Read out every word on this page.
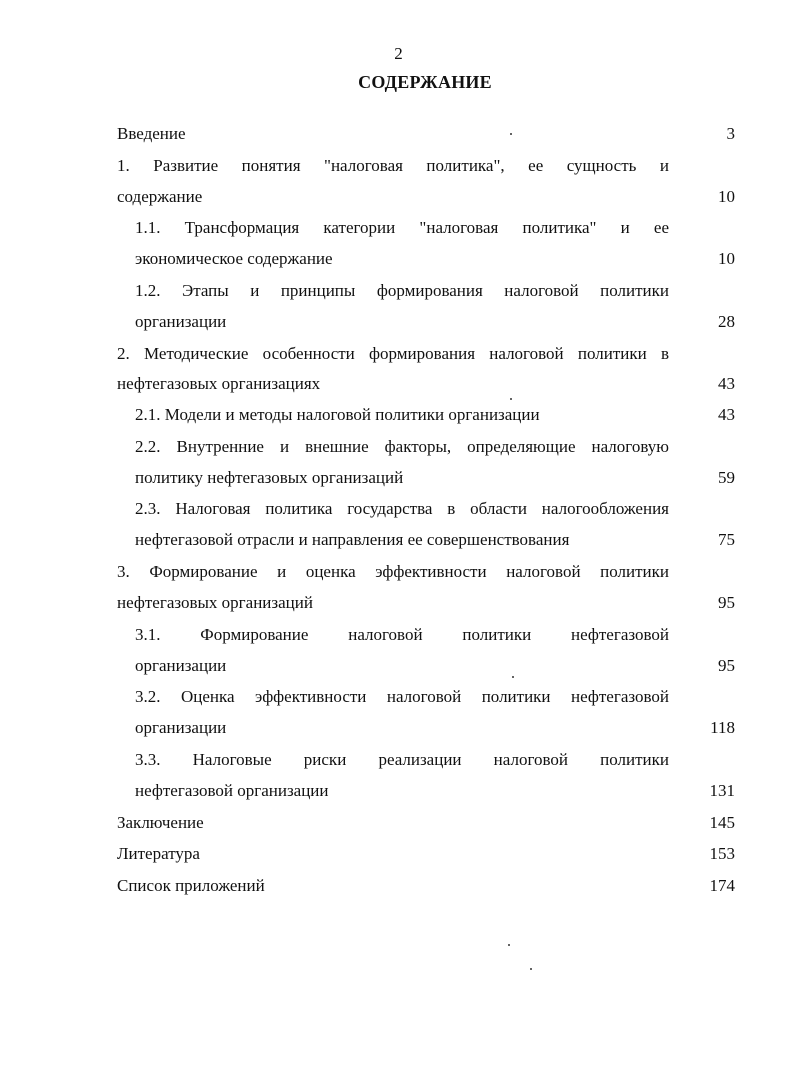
2
СОДЕРЖАНИЕ
Введение	3
1. Развитие понятия "налоговая политика", ее сущность и
содержание	10
1.1. Трансформация категории "налоговая политика" и ее
экономическое содержание	10
1.2. Этапы и принципы формирования налоговой политики
организации	28
2. Методические особенности формирования налоговой политики в
нефтегазовых организациях	43
2.1. Модели и методы налоговой политики организации	43
2.2. Внутренние и внешние факторы, определяющие налоговую
политику нефтегазовых организаций	59
2.3. Налоговая политика государства в области налогообложения
нефтегазовой отрасли и направления ее совершенствования	75
3. Формирование и оценка эффективности налоговой политики
нефтегазовых организаций	95
3.1. Формирование налоговой политики нефтегазовой
организации	95
3.2. Оценка эффективности налоговой политики нефтегазовой
организации	118
3.3. Налоговые риски реализации налоговой политики
нефтегазовой организации	131
Заключение	145
Литература	153
Список приложений	174
